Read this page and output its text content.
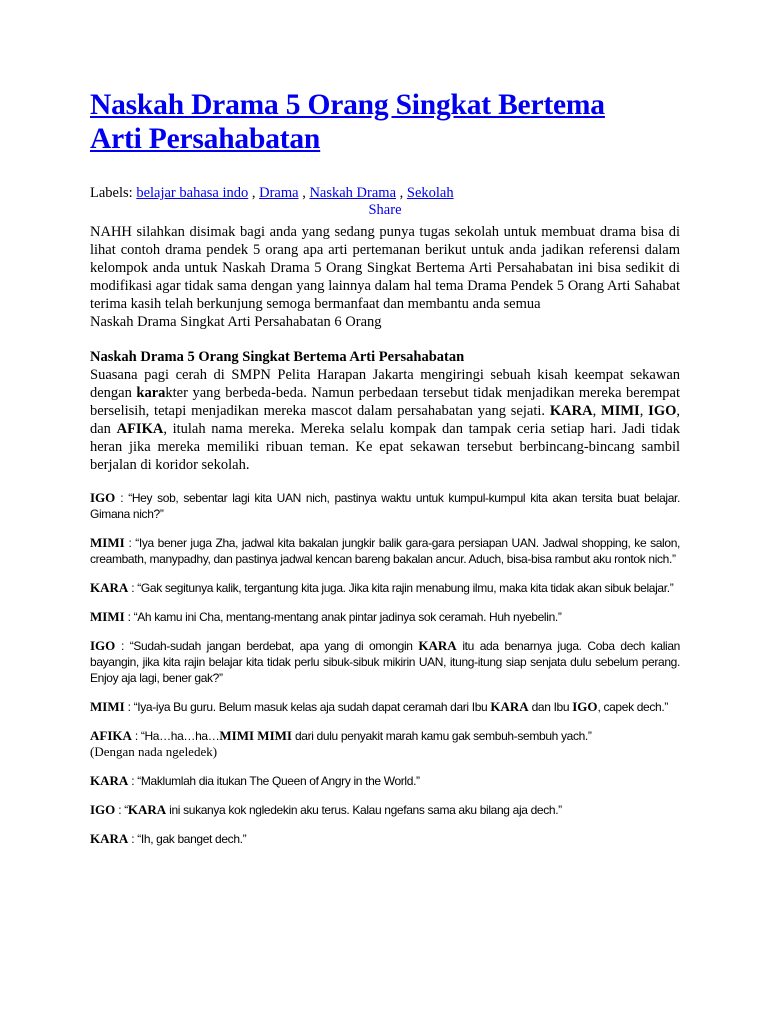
Naskah Drama 5 Orang Singkat Bertema
Arti Persahabatan
Labels: belajar bahasa indo , Drama , Naskah Drama , Sekolah
Share

NAHH silahkan disimak bagi anda yang sedang punya tugas sekolah untuk membuat drama bisa di lihat contoh drama pendek 5 orang apa arti pertemanan berikut untuk anda jadikan referensi dalam kelompok anda untuk Naskah Drama 5 Orang Singkat Bertema Arti Persahabatan ini bisa sedikit di modifikasi agar tidak sama dengan yang lainnya dalam hal tema Drama Pendek 5 Orang Arti Sahabat terima kasih telah berkunjung semoga bermanfaat dan membantu anda semua

Naskah Drama Singkat Arti Persahabatan 6 Orang

Naskah Drama 5 Orang Singkat Bertema Arti Persahabatan

Suasana pagi cerah di SMPN Pelita Harapan Jakarta mengiringi sebuah kisah keempat sekawan dengan karakter yang berbeda-beda. Namun perbedaan tersebut tidak menjadikan mereka berempat berselisih, tetapi menjadikan mereka mascot dalam persahabatan yang sejati. KARA, MIMI, IGO, dan AFIKA, itulah nama mereka. Mereka selalu kompak dan tampak ceria setiap hari. Jadi tidak heran jika mereka memiliki ribuan teman. Ke epat sekawan tersebut berbincang-bincang sambil berjalan di koridor sekolah.

IGO : “Hey sob, sebentar lagi kita UAN nich, pastinya waktu untuk kumpul-kumpul kita akan tersita buat belajar. Gimana nich?”

MIMI : “Iya bener juga Zha, jadwal kita bakalan jungkir balik gara-gara persiapan UAN. Jadwal shopping, ke salon, creambath, manypadhy, dan pastinya jadwal kencan bareng bakalan ancur. Aduch, bisa-bisa rambut aku rontok nich.”

KARA : “Gak segitunya kalik, tergantung kita juga. Jika kita rajin menabung ilmu, maka kita tidak akan sibuk belajar.”

MIMI : “Ah kamu ini Cha, mentang-mentang anak pintar jadinya sok ceramah. Huh nyebelin.”

IGO : “Sudah-sudah jangan berdebat, apa yang di omongin KARA itu ada benarnya juga. Coba dech kalian bayangin, jika kita rajin belajar kita tidak perlu sibuk-sibuk mikirin UAN, itung-itung siap senjata dulu sebelum perang. Enjoy aja lagi, bener gak?”

MIMI : “Iya-iya Bu guru. Belum masuk kelas aja sudah dapat ceramah dari Ibu KARA dan Ibu IGO, capek dech.”

AFIKA : “Ha…ha…ha…MIMI MIMI dari dulu penyakit marah kamu gak sembuh-sembuh yach.”
(Dengan nada ngeledek)

KARA : “Maklumlah dia itukan The Queen of Angry in the World.”

IGO : “KARA ini sukanya kok ngledekin aku terus. Kalau ngefans sama aku bilang aja dech.”

KARA : “Ih, gak banget dech.”
